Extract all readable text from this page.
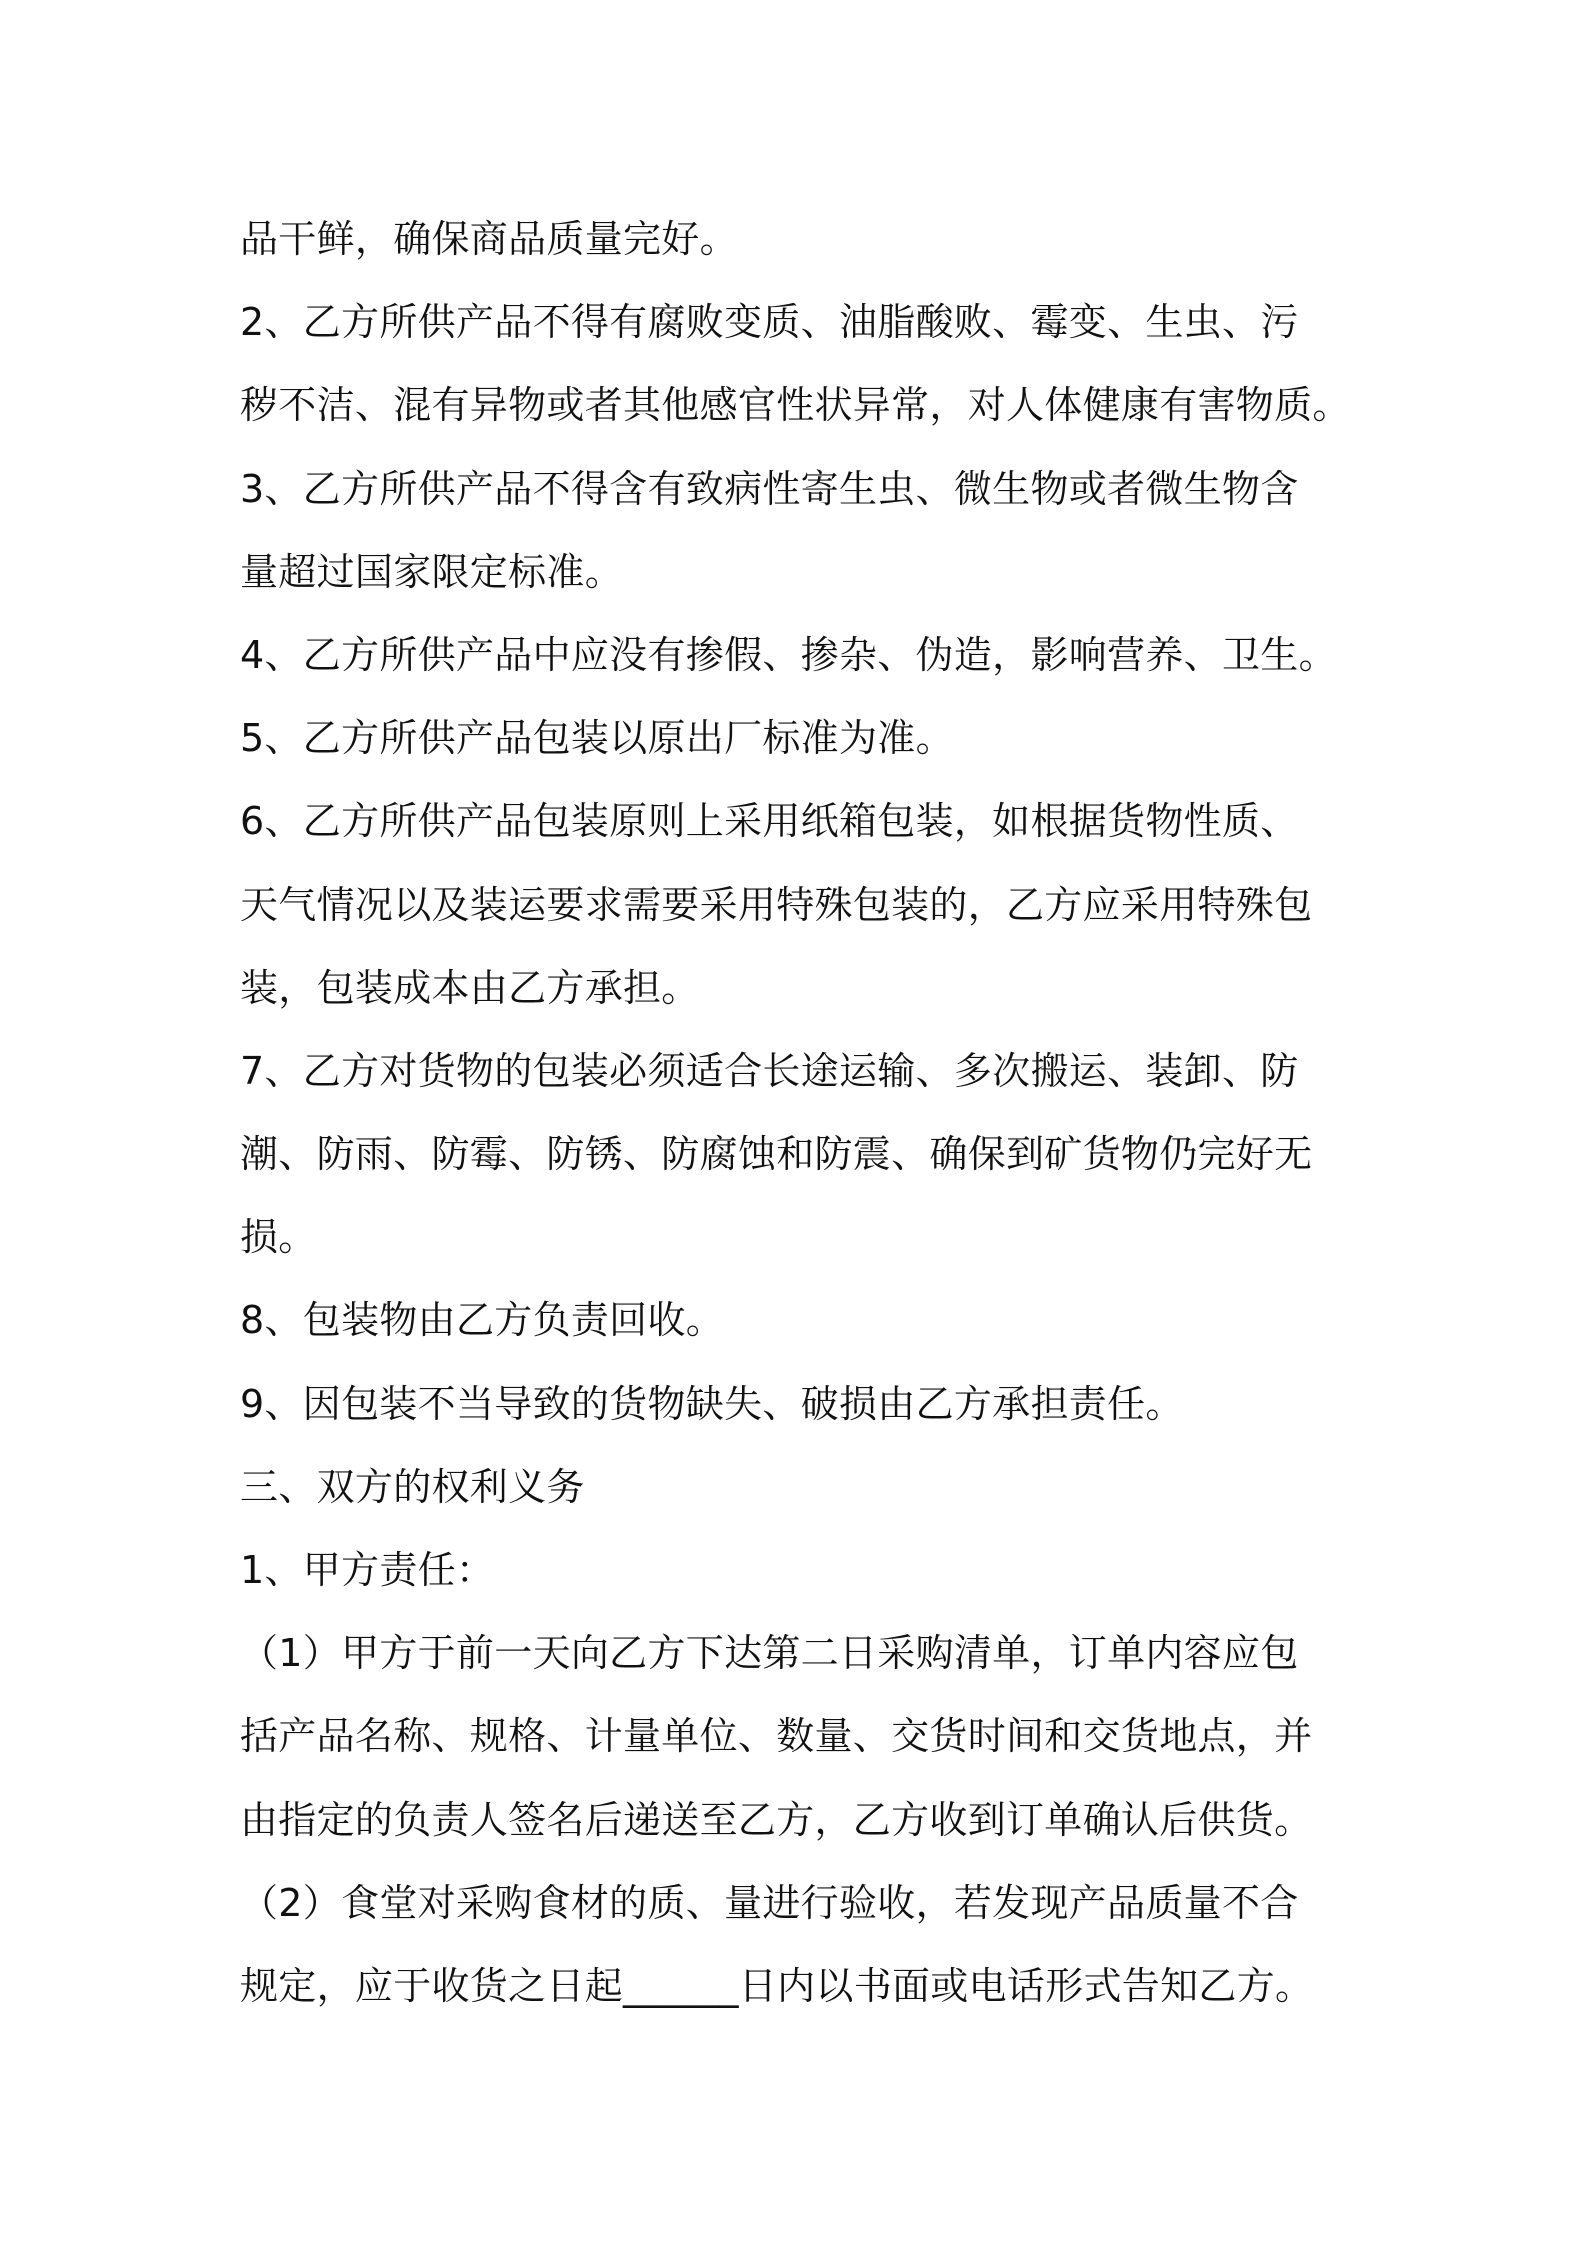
品干鲜，确保商品质量完好。
2、乙方所供产品不得有腐败变质、油脂酸败、霉变、生虫、污
秽不洁、混有异物或者其他感官性状异常，对人体健康有害物质。
3、乙方所供产品不得含有致病性寄生虫、微生物或者微生物含
量超过国家限定标准。
4、乙方所供产品中应没有掺假、掺杂、伪造，影响营养、卫生。
5、乙方所供产品包装以原出厂标准为准。
6、乙方所供产品包装原则上采用纸箱包装，如根据货物性质、
天气情况以及装运要求需要采用特殊包装的，乙方应采用特殊包
装，包装成本由乙方承担。
7、乙方对货物的包装必须适合长途运输、多次搬运、装卸、防
潮、防雨、防霉、防锈、防腐蚀和防震、确保到矿货物仍完好无
损。
8、包装物由乙方负责回收。
9、因包装不当导致的货物缺失、破损由乙方承担责任。
三、双方的权利义务
1、甲方责任：
（1）甲方于前一天向乙方下达第二日采购清单，订单内容应包
括产品名称、规格、计量单位、数量、交货时间和交货地点，并
由指定的负责人签名后递送至乙方，乙方收到订单确认后供货。
（2）食堂对采购食材的质、量进行验收，若发现产品质量不合
规定，应于收货之日起______日内以书面或电话形式告知乙方。
